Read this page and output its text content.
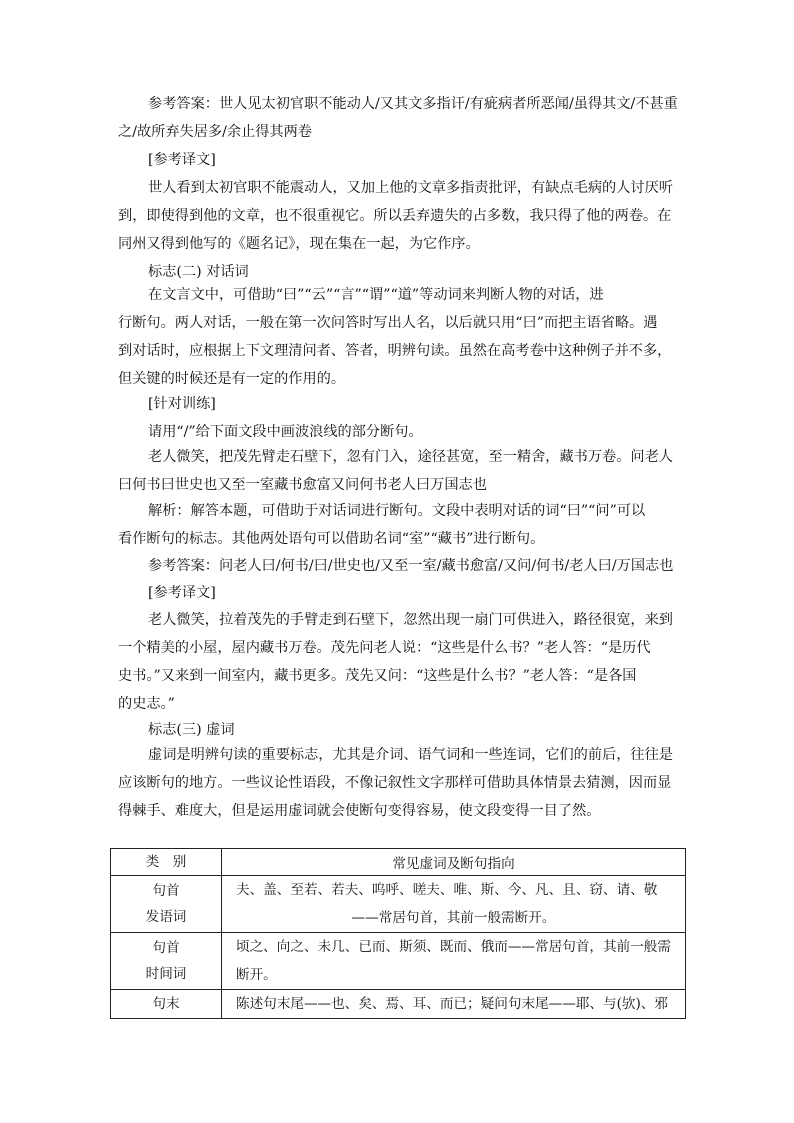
参考答案：世人见太初官职不能动人/又其文多指讦/有疵病者所恶闻/虽得其文/不甚重
之/故所弃失居多/余止得其两卷

[参考译文]

世人看到太初官职不能震动人，又加上他的文章多指责批评，有缺点毛病的人讨厌听
到，即使得到他的文章，也不很重视它。所以丢弃遗失的占多数，我只得了他的两卷。在
同州又得到他写的《题名记》，现在集在一起，为它作序。

标志(二) 对话词

在文言文中，可借助“曰”“云”“言”“谓”“道”等动词来判断人物的对话，进
行断句。两人对话，一般在第一次问答时写出人名，以后就只用“曰”而把主语省略。遇
到对话时，应根据上下文理清问者、答者，明辨句读。虽然在高考卷中这种例子并不多，
但关键的时候还是有一定的作用的。

[针对训练]

请用“/”给下面文段中画波浪线的部分断句。

老人微笑，把茂先臂走石壁下，忽有门入，途径甚宽，至一精舍，藏书万卷。问老人
曰何书曰世史也又至一室藏书愈富又问何书老人曰万国志也

解析：解答本题，可借助于对话词进行断句。文段中表明对话的词“曰”“问”可以
看作断句的标志。其他两处语句可以借助名词“室”“藏书”进行断句。

参考答案：问老人曰/何书/曰/世史也/又至一室/藏书愈富/又问/何书/老人曰/万国志也

[参考译文]

老人微笑，拉着茂先的手臂走到石壁下，忽然出现一扇门可供进入，路径很宽，来到
一个精美的小屋，屋内藏书万卷。茂先问老人说：“这些是什么书？”老人答：“是历代
史书。”又来到一间室内，藏书更多。茂先又问：“这些是什么书？”老人答：“是各国
的史志。”

标志(三) 虚词

虚词是明辨句读的重要标志，尤其是介词、语气词和一些连词，它们的前后，往往是
应该断句的地方。一些议论性语段，不像记叙性文字那样可借助具体情景去猜测，因而显
得棘手、难度大，但是运用虚词就会使断句变得容易，使文段变得一目了然。

类　别	常见虚词及断句指向

句首
发语词	夫、盖、至若、若夫、呜呼、嗟夫、唯、斯、今、凡、且、窃、请、敬
——常居句首，其前一般需断开。

句首
时间词	顷之、向之、未几、已而、斯须、既而、俄而——常居句首，其前一般需
断开。

句末	陈述句末尾——也、矣、焉、耳、而已；疑问句末尾——耶、与(欤)、邪
